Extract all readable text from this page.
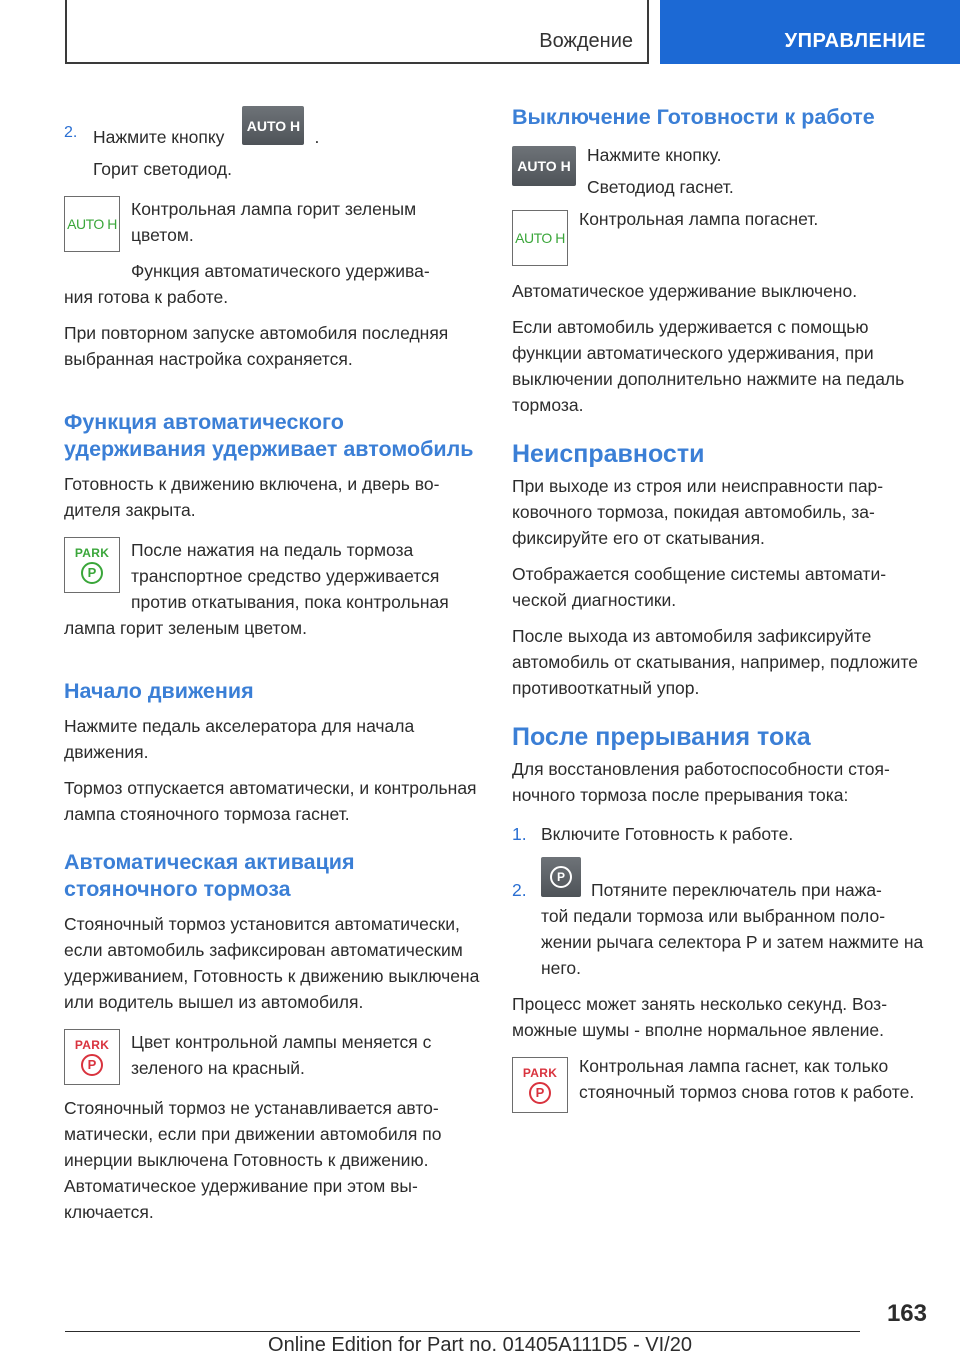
Вождение	УПРАВЛЕНИЕ
2. Нажмите кнопку
AUTO H
.

Горит светодиод.

AUTO H

Контрольная лампа горит зеленым цветом.

Функция автоматического удержива-

ния готова к работе.

При повторном запуске автомобиля последняя выбранная настройка сохраняется.

Функция автоматического удерживания удерживает автомобиль

Готовность к движению включена, и дверь водителя закрыта.

PARK
P

После нажатия на педаль тормоза транспортное средство удерживается против откатывания, пока контрольная

лампа горит зеленым цветом.

Начало движения

Нажмите педаль акселератора для начала движения.

Тормоз отпускается автоматически, и контрольная лампа стояночного тормоза гаснет.

Автоматическая активация стояночного тормоза

Стояночный тормоз установится автоматически, если автомобиль зафиксирован автоматическим удерживанием, Готовность к движению выключена или водитель вышел из автомобиля.

PARK
P

Цвет контрольной лампы меняется с зеленого на красный.

Стояночный тормоз не устанавливается автоматически, если при движении автомобиля по инерции выключена Готовность к движению. Автоматическое удерживание при этом выключается.

Выключение Готовности к работе
AUTO H

Нажмите кнопку.

Светодиод гаснет.

AUTO H

Контрольная лампа погаснет.

Автоматическое удерживание выключено.

Если автомобиль удерживается с помощью функции автоматического удерживания, при выключении дополнительно нажмите на педаль тормоза.

Неисправности

При выходе из строя или неисправности парковочного тормоза, покидая автомобиль, зафиксируйте его от скатывания.

Отображается сообщение системы автоматической диагностики.

После выхода из автомобиля зафиксируйте автомобиль от скатывания, например, подложите противооткатный упор.

После прерывания тока

Для восстановления работоспособности стояночного тормоза после прерывания тока:

1. Включите Готовность к работе.

2.
P
Потяните переключатель при нажа-

той педали тормоза или выбранном положении рычага селектора P и затем нажмите на него.

Процесс может занять несколько секунд. Возможные шумы - вполне нормальное явление.

PARK
P

Контрольная лампа гаснет, как только стояночный тормоз снова готов к работе.

163
Online Edition for Part no. 01405A111D5 - VI/20
